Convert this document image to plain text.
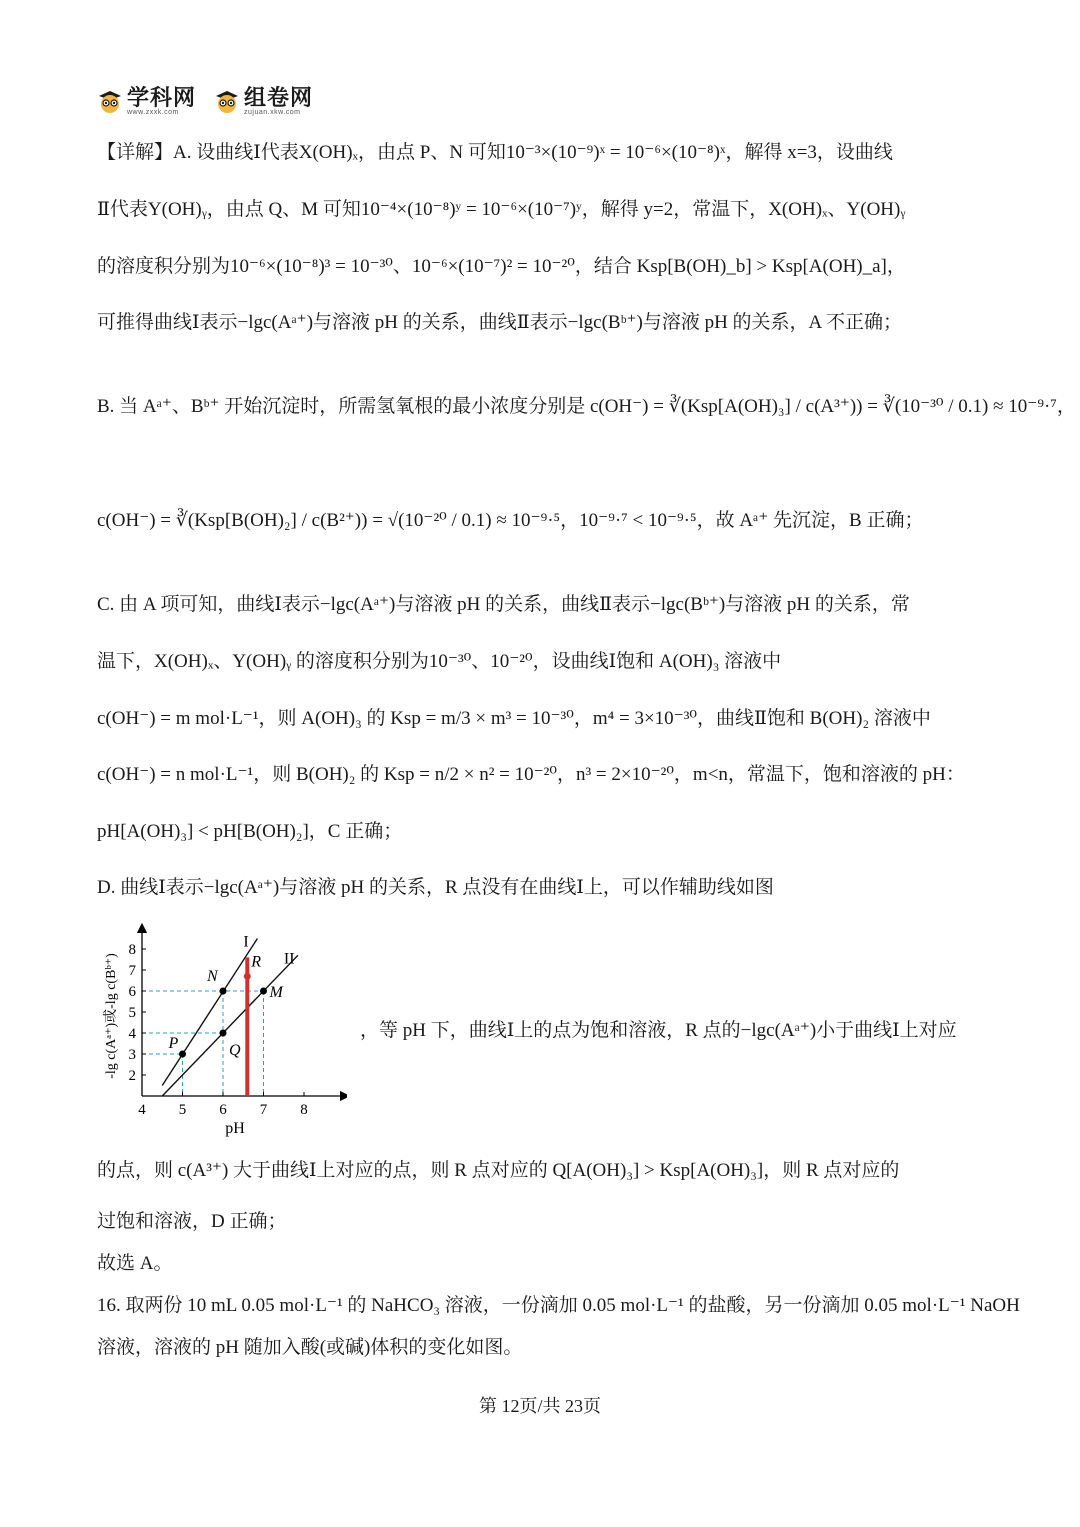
学科网
www.zxxk.com
组卷网
zujuan.xkw.com
【详解】A. 设曲线Ⅰ代表X(OH)ₓ，由点 P、N 可知10⁻³×(10⁻⁹)ˣ = 10⁻⁶×(10⁻⁸)ˣ，解得 x=3，设曲线
Ⅱ代表Y(OH)ᵧ，由点 Q、M 可知10⁻⁴×(10⁻⁸)ʸ = 10⁻⁶×(10⁻⁷)ʸ，解得 y=2，常温下，X(OH)ₓ、Y(OH)ᵧ
的溶度积分别为10⁻⁶×(10⁻⁸)³ = 10⁻³⁰、10⁻⁶×(10⁻⁷)² = 10⁻²⁰，结合 Ksp[B(OH)_b] > Ksp[A(OH)_a]，
可推得曲线Ⅰ表示−lgc(Aᵃ⁺)与溶液 pH 的关系，曲线Ⅱ表示−lgc(Bᵇ⁺)与溶液 pH 的关系，A 不正确；
B. 当 Aᵃ⁺、Bᵇ⁺ 开始沉淀时，所需氢氧根的最小浓度分别是 c(OH⁻) = ∛(Ksp[A(OH)₃] / c(A³⁺)) = ∛(10⁻³⁰ / 0.1) ≈ 10⁻⁹·⁷，
c(OH⁻) = ∛(Ksp[B(OH)₂] / c(B²⁺)) = √(10⁻²⁰ / 0.1) ≈ 10⁻⁹·⁵，10⁻⁹·⁷ < 10⁻⁹·⁵，故 Aᵃ⁺ 先沉淀，B 正确；
C. 由 A 项可知，曲线Ⅰ表示−lgc(Aᵃ⁺)与溶液 pH 的关系，曲线Ⅱ表示−lgc(Bᵇ⁺)与溶液 pH 的关系，常
温下，X(OH)ₓ、Y(OH)ᵧ 的溶度积分别为10⁻³⁰、10⁻²⁰，设曲线Ⅰ饱和 A(OH)₃ 溶液中
c(OH⁻) = m mol·L⁻¹，则 A(OH)₃ 的 Ksp = m/3 × m³ = 10⁻³⁰，m⁴ = 3×10⁻³⁰，曲线Ⅱ饱和 B(OH)₂ 溶液中
c(OH⁻) = n mol·L⁻¹，则 B(OH)₂ 的 Ksp = n/2 × n² = 10⁻²⁰，n³ = 2×10⁻²⁰，m<n，常温下，饱和溶液的 pH：
pH[A(OH)₃] < pH[B(OH)₂]，C 正确；
D. 曲线Ⅰ表示−lgc(Aᵃ⁺)与溶液 pH 的关系，R 点没有在曲线Ⅰ上，可以作辅助线如图
4 5 6 7 8
2
3
4
5
6
7
8	I
II
P
N
Q
M
R
pH
-lg c(Aᵃ⁺)或-lg c(Bᵇ⁺)	，等 pH 下，曲线Ⅰ上的点为饱和溶液，R 点的−lgc(Aᵃ⁺)小于曲线Ⅰ上对应
的点，则 c(A³⁺) 大于曲线Ⅰ上对应的点，则 R 点对应的 Q[A(OH)₃] > Ksp[A(OH)₃]，则 R 点对应的
过饱和溶液，D 正确；
故选 A。
16. 取两份 10 mL 0.05 mol·L⁻¹ 的 NaHCO₃ 溶液，一份滴加 0.05 mol·L⁻¹ 的盐酸，另一份滴加 0.05 mol·L⁻¹ NaOH
溶液，溶液的 pH 随加入酸(或碱)体积的变化如图。
第 12页/共 23页
